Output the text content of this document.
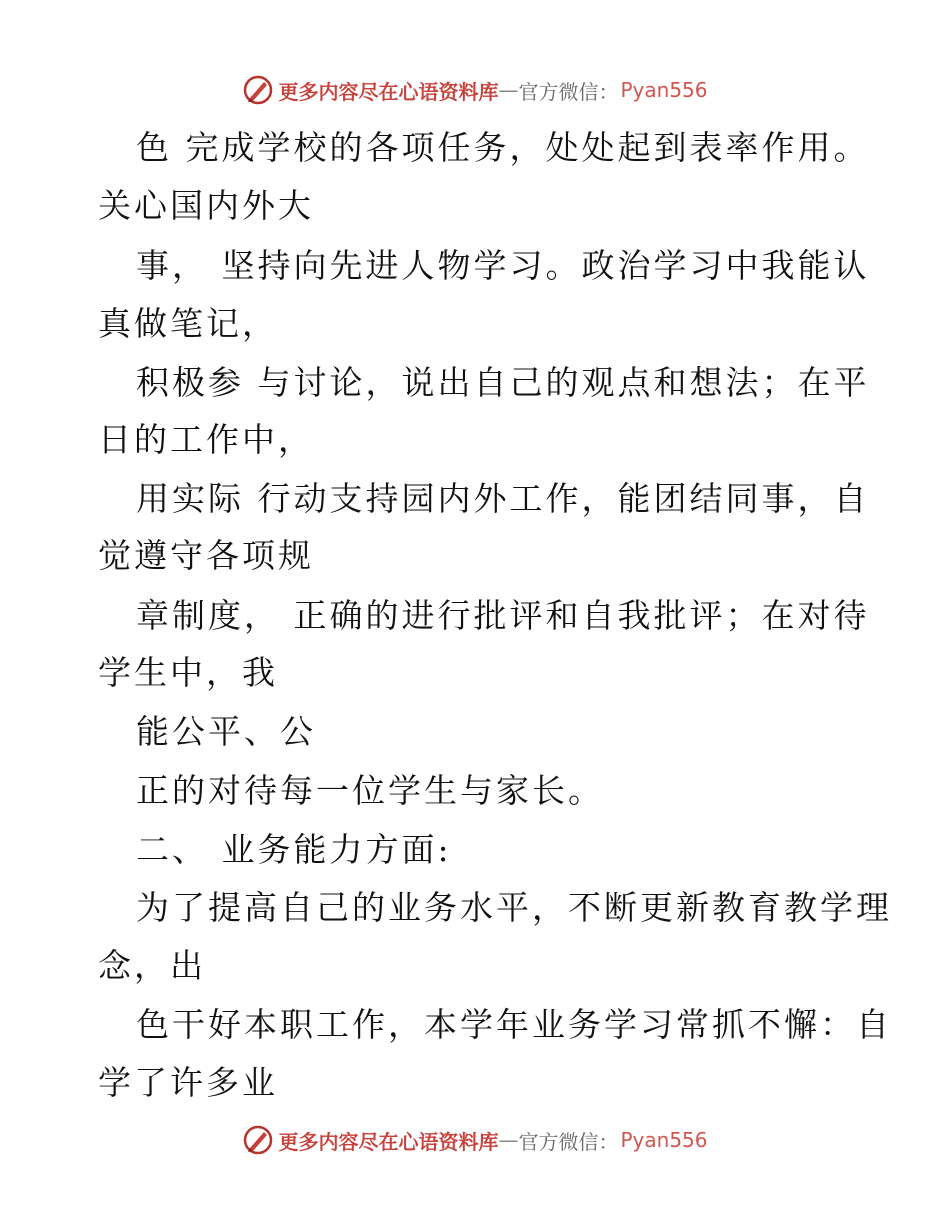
更多内容尽在心语资料库 — 官方微信： Pyan556
色 完成学校的各项任务，处处起到表率作用。
关心国内外大
事， 坚持向先进人物学习。政治学习中我能认
真做笔记，
积极参 与讨论，说出自己的观点和想法；在平
日的工作中，
用实际 行动支持园内外工作，能团结同事，自
觉遵守各项规
章制度， 正确的进行批评和自我批评；在对待
学生中，我
能公平、公
正的对待每一位学生与家长。
二、 业务能力方面:
为了提高自己的业务水平，不断更新教育教学理
念，出
色干好本职工作，本学年业务学习常抓不懈：自
学了许多业
更多内容尽在心语资料库 — 官方微信： Pyan556
